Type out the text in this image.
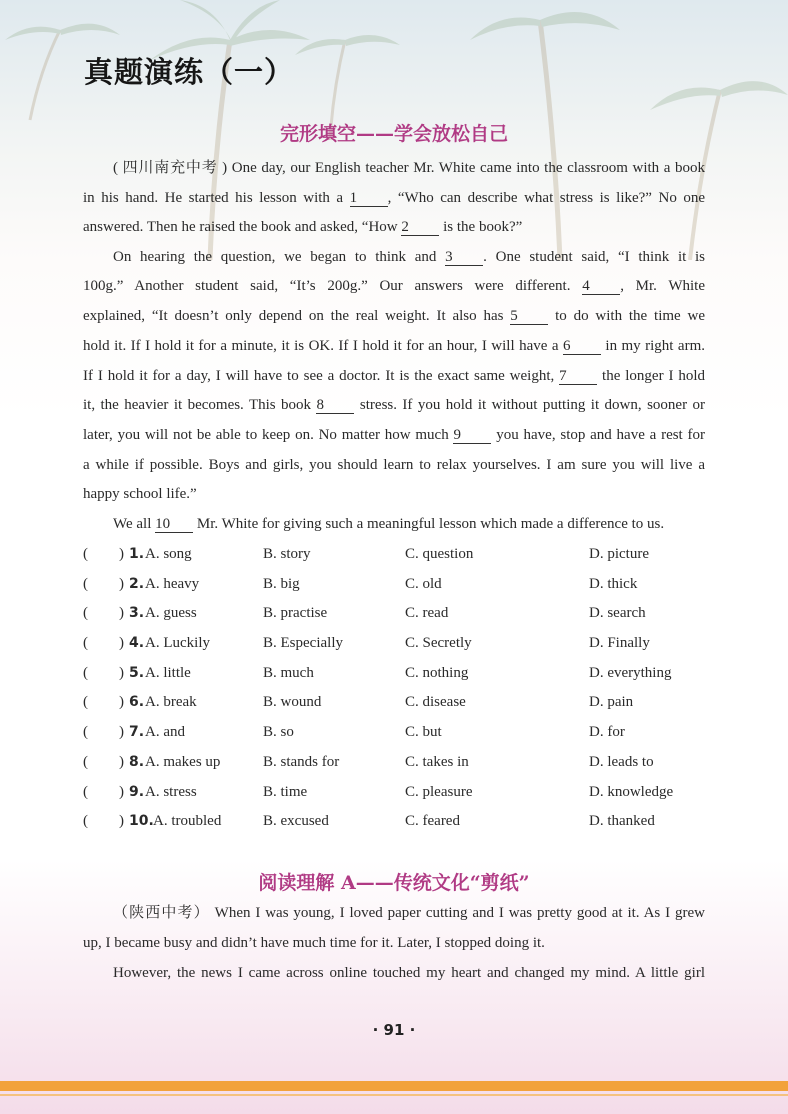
真题演练（一）
完形填空——学会放松自己

( 四川南充中考 ) One day, our English teacher Mr. White came into the classroom with a book
in his hand. He started his lesson with a 1 , “Who can describe what stress is like?” No one

answered. Then he raised the book and asked, “How 2 is the book?”

On hearing the question, we began to think and 3 . One student said, “I think it is

100g.” Another student said, “It’s 200g.” Our answers were different. 4 , Mr. White

explained, “It doesn’t only depend on the real weight. It also has 5 to do with the time we

hold it. If I hold it for a minute, it is OK. If I hold it for an hour, I will have a 6 in my right arm.

If I hold it for a day, I will have to see a doctor. It is the exact same weight, 7 the longer I hold

it, the heavier it becomes. This book 8 stress. If you hold it without putting it down, sooner or

later, you will not be able to keep on. No matter how much 9 you have, stop and have a rest for

a while if possible. Boys and girls, you should learn to relax yourselves. I am sure you will live a

happy school life.”

We all 10 Mr. White for giving such a meaningful lesson which made a difference to us.

( ) 1. A. song	B. story	C. question	D. picture
( ) 2. A. heavy	B. big	C. old	D. thick
( ) 3. A. guess	B. practise	C. read	D. search
( ) 4. A. Luckily	B. Especially	C. Secretly	D. Finally
( ) 5. A. little	B. much	C. nothing	D. everything
( ) 6. A. break	B. wound	C. disease	D. pain
( ) 7. A. and	B. so	C. but	D. for
( ) 8. A. makes up	B. stands for	C. takes in	D. leads to
( ) 9. A. stress	B. time	C. pleasure	D. knowledge
( ) 10. A. troubled	B. excused	C. feared	D. thanked
阅读理解 A——传统文化“剪纸”

（陕西中考） When I was young, I loved paper cutting and I was pretty good at it. As I grew

up, I became busy and didn’t have much time for it. Later, I stopped doing it.

However, the news I came across online touched my heart and changed my mind. A little girl

· 91 ·
